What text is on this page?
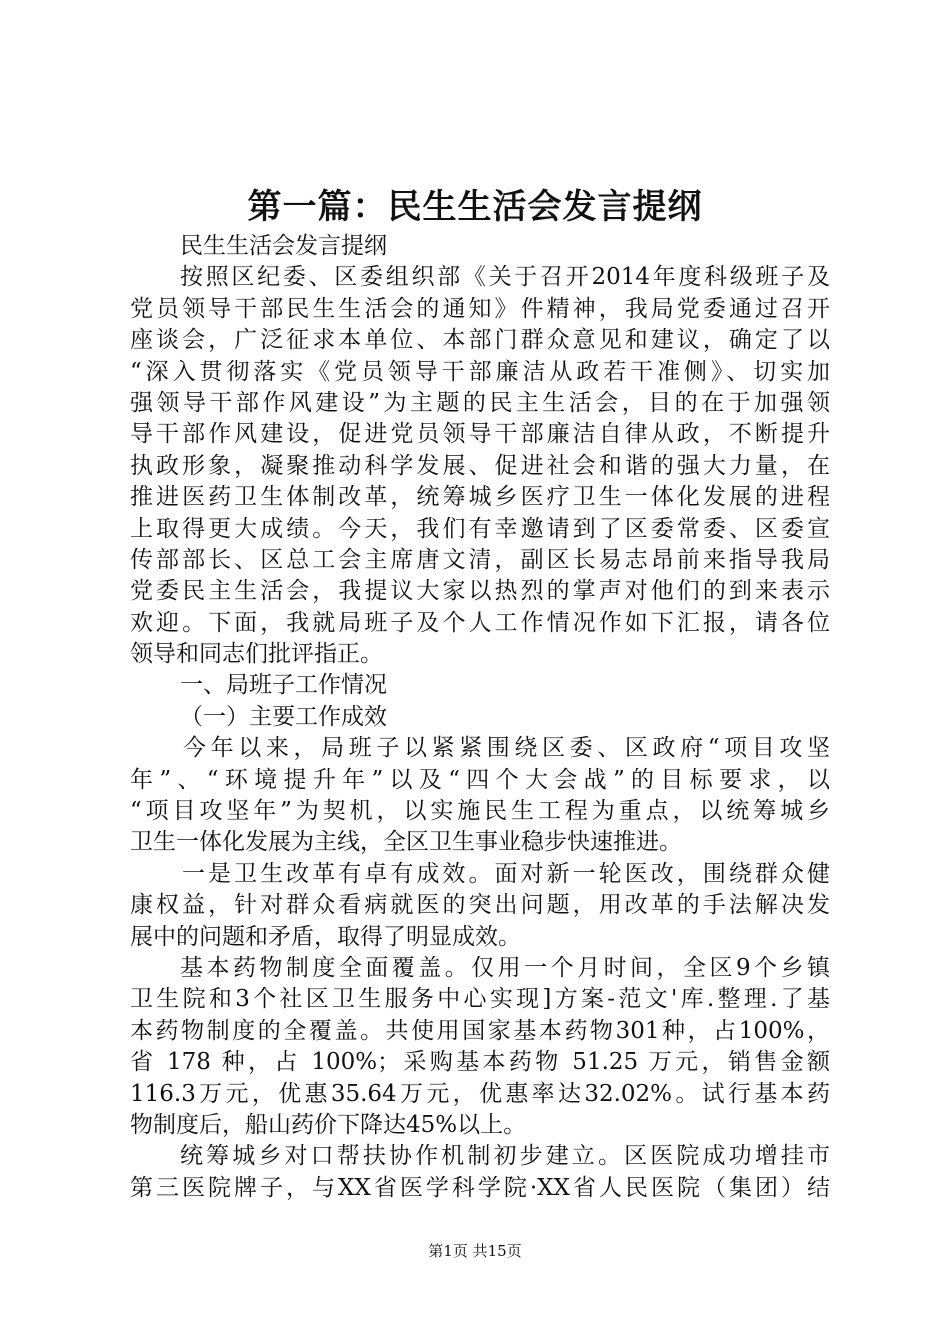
第一篇：民生生活会发言提纲
民生生活会发言提纲
按照区纪委、区委组织部《关于召开2014年度科级班子及
党员领导干部民生生活会的通知》件精神，我局党委通过召开
座谈会，广泛征求本单位、本部门群众意见和建议，确定了以
“深入贯彻落实《党员领导干部廉洁从政若干准侧》、切实加
强领导干部作风建设”为主题的民主生活会，目的在于加强领
导干部作风建设，促进党员领导干部廉洁自律从政，不断提升
执政形象，凝聚推动科学发展、促进社会和谐的强大力量，在
推进医药卫生体制改革，统筹城乡医疗卫生一体化发展的进程
上取得更大成绩。今天，我们有幸邀请到了区委常委、区委宣
传部部长、区总工会主席唐文清，副区长易志昂前来指导我局
党委民主生活会，我提议大家以热烈的掌声对他们的到来表示
欢迎。下面，我就局班子及个人工作情况作如下汇报，请各位
领导和同志们批评指正。
一、局班子工作情况
（一）主要工作成效
今年以来，局班子以紧紧围绕区委、区政府“项目攻坚
年”、“环境提升年”以及“四个大会战”的目标要求，以
“项目攻坚年”为契机，以实施民生工程为重点，以统筹城乡
卫生一体化发展为主线，全区卫生事业稳步快速推进。
一是卫生改革有卓有成效。面对新一轮医改，围绕群众健
康权益，针对群众看病就医的突出问题，用改革的手法解决发
展中的问题和矛盾，取得了明显成效。
基本药物制度全面覆盖。仅用一个月时间，全区9个乡镇
卫生院和3个社区卫生服务中心实现]方案-范文'库.整理.了基
本药物制度的全覆盖。共使用国家基本药物301种，占100%，
省 178 种，占 100%；采购基本药物 51.25 万元，销售金额
116.3万元，优惠35.64万元，优惠率达32.02%。试行基本药
物制度后，船山药价下降达45%以上。
统筹城乡对口帮扶协作机制初步建立。区医院成功增挂市
第三医院牌子，与XX省医学科学院·XX省人民医院（集团）结
第1页 共15页
